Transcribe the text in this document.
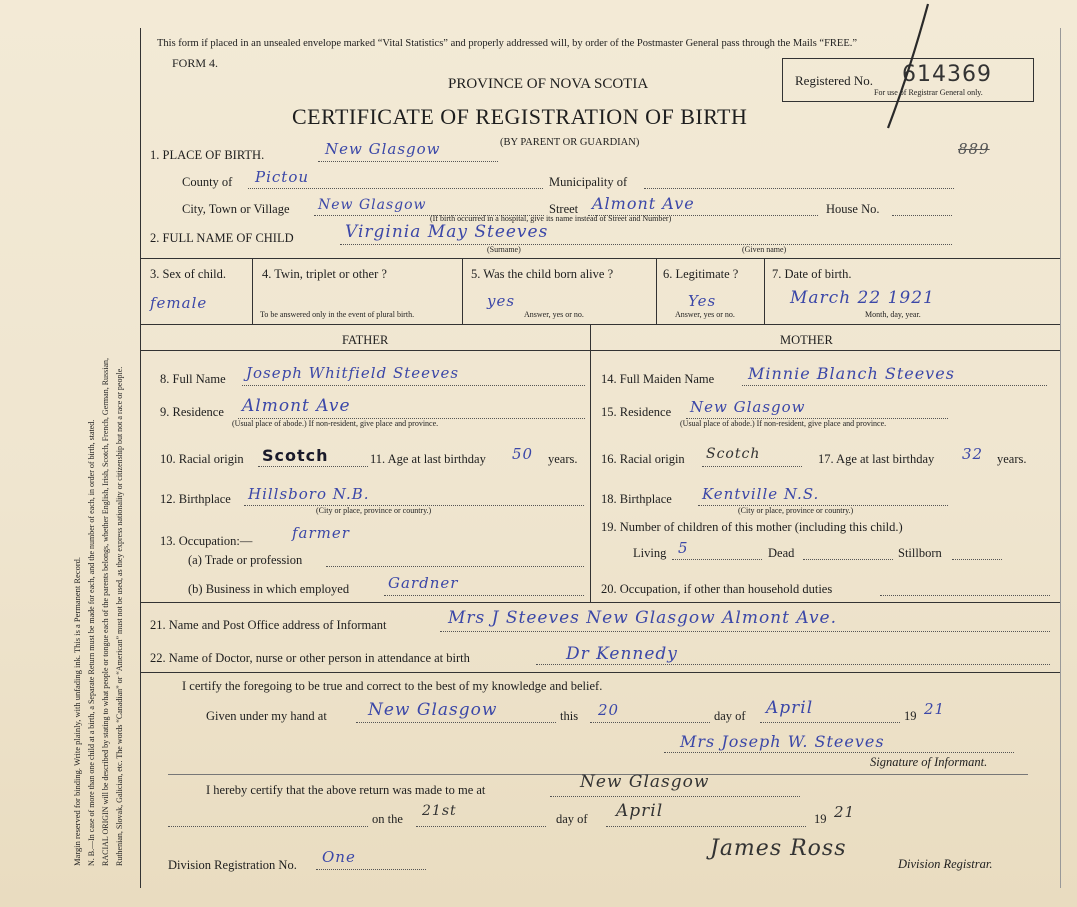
Margin reserved for binding. Write plainly, with unfading ink. This is a Permanent Record. N. B.—In case of more than one child at a birth, a Separate Return must be made for each, and the number of each, in order of birth, stated. RACIAL ORIGIN will be described by stating to what people or tongue each of the parents belongs, whether English, Irish, Scotch, French, German, Russian, Ruthenian, Slovak, Galician, etc. The words “Canadian” or “American” must not be used, as they express nationality or citizenship but not a race or people.
This form if placed in an unsealed envelope marked “Vital Statistics” and properly addressed will, by order of the Postmaster General pass through the Mails “FREE.”
FORM 4.
PROVINCE OF NOVA SCOTIA
CERTIFICATE OF REGISTRATION OF BIRTH
(BY PARENT OR GUARDIAN)
Registered No. 614369
For use of Registrar General only.
889
1. PLACE OF BIRTH.	New Glasgow
County of Pictou	Municipality of
City, Town or Village New Glasgow	Street Almont Ave	House No.
(If birth occurred in a hospital, give its name instead of Street and Number)
2. FULL NAME OF CHILD	Virginia May Steeves
(Surname)	(Given name)
3. Sex of child.
female
4. Twin, triplet or other ?
To be answered only in the event of plural birth.
5. Was the child born alive ?
yes
Answer, yes or no.
6. Legitimate ?
Yes
Answer, yes or no.
7. Date of birth.
March 22 1921
Month, day, year.
FATHER	MOTHER
8. Full Name Joseph Whitfield Steeves
9. Residence Almont Ave
(Usual place of abode.) If non-resident, give place and province.
10. Racial origin Scotch	11. Age at last birthday 50 years.
12. Birthplace Hillsboro N.B.
(City or place, province or country.)
13. Occupation:—	farmer
(a) Trade or profession
(b) Business in which employed	Gardner
14. Full Maiden Name Minnie Blanch Steeves
15. Residence New Glasgow
(Usual place of abode.) If non-resident, give place and province.
16. Racial origin Scotch	17. Age at last birthday 32 years.
18. Birthplace Kentville N.S.
(City or place, province or country.)
19. Number of children of this mother (including this child.)
Living 5	Dead	Stillborn
20. Occupation, if other than household duties
21. Name and Post Office address of Informant	Mrs J Steeves New Glasgow Almont Ave.
22. Name of Doctor, nurse or other person in attendance at birth	Dr Kennedy
I certify the foregoing to be true and correct to the best of my knowledge and belief.
Given under my hand at New Glasgow	this 20	day of April	19 21
Mrs Joseph W. Steeves
Signature of Informant.
I hereby certify that the above return was made to me at	New Glasgow
on the 21st	day of April	19 21
James Ross
Division Registrar.
Division Registration No. One
